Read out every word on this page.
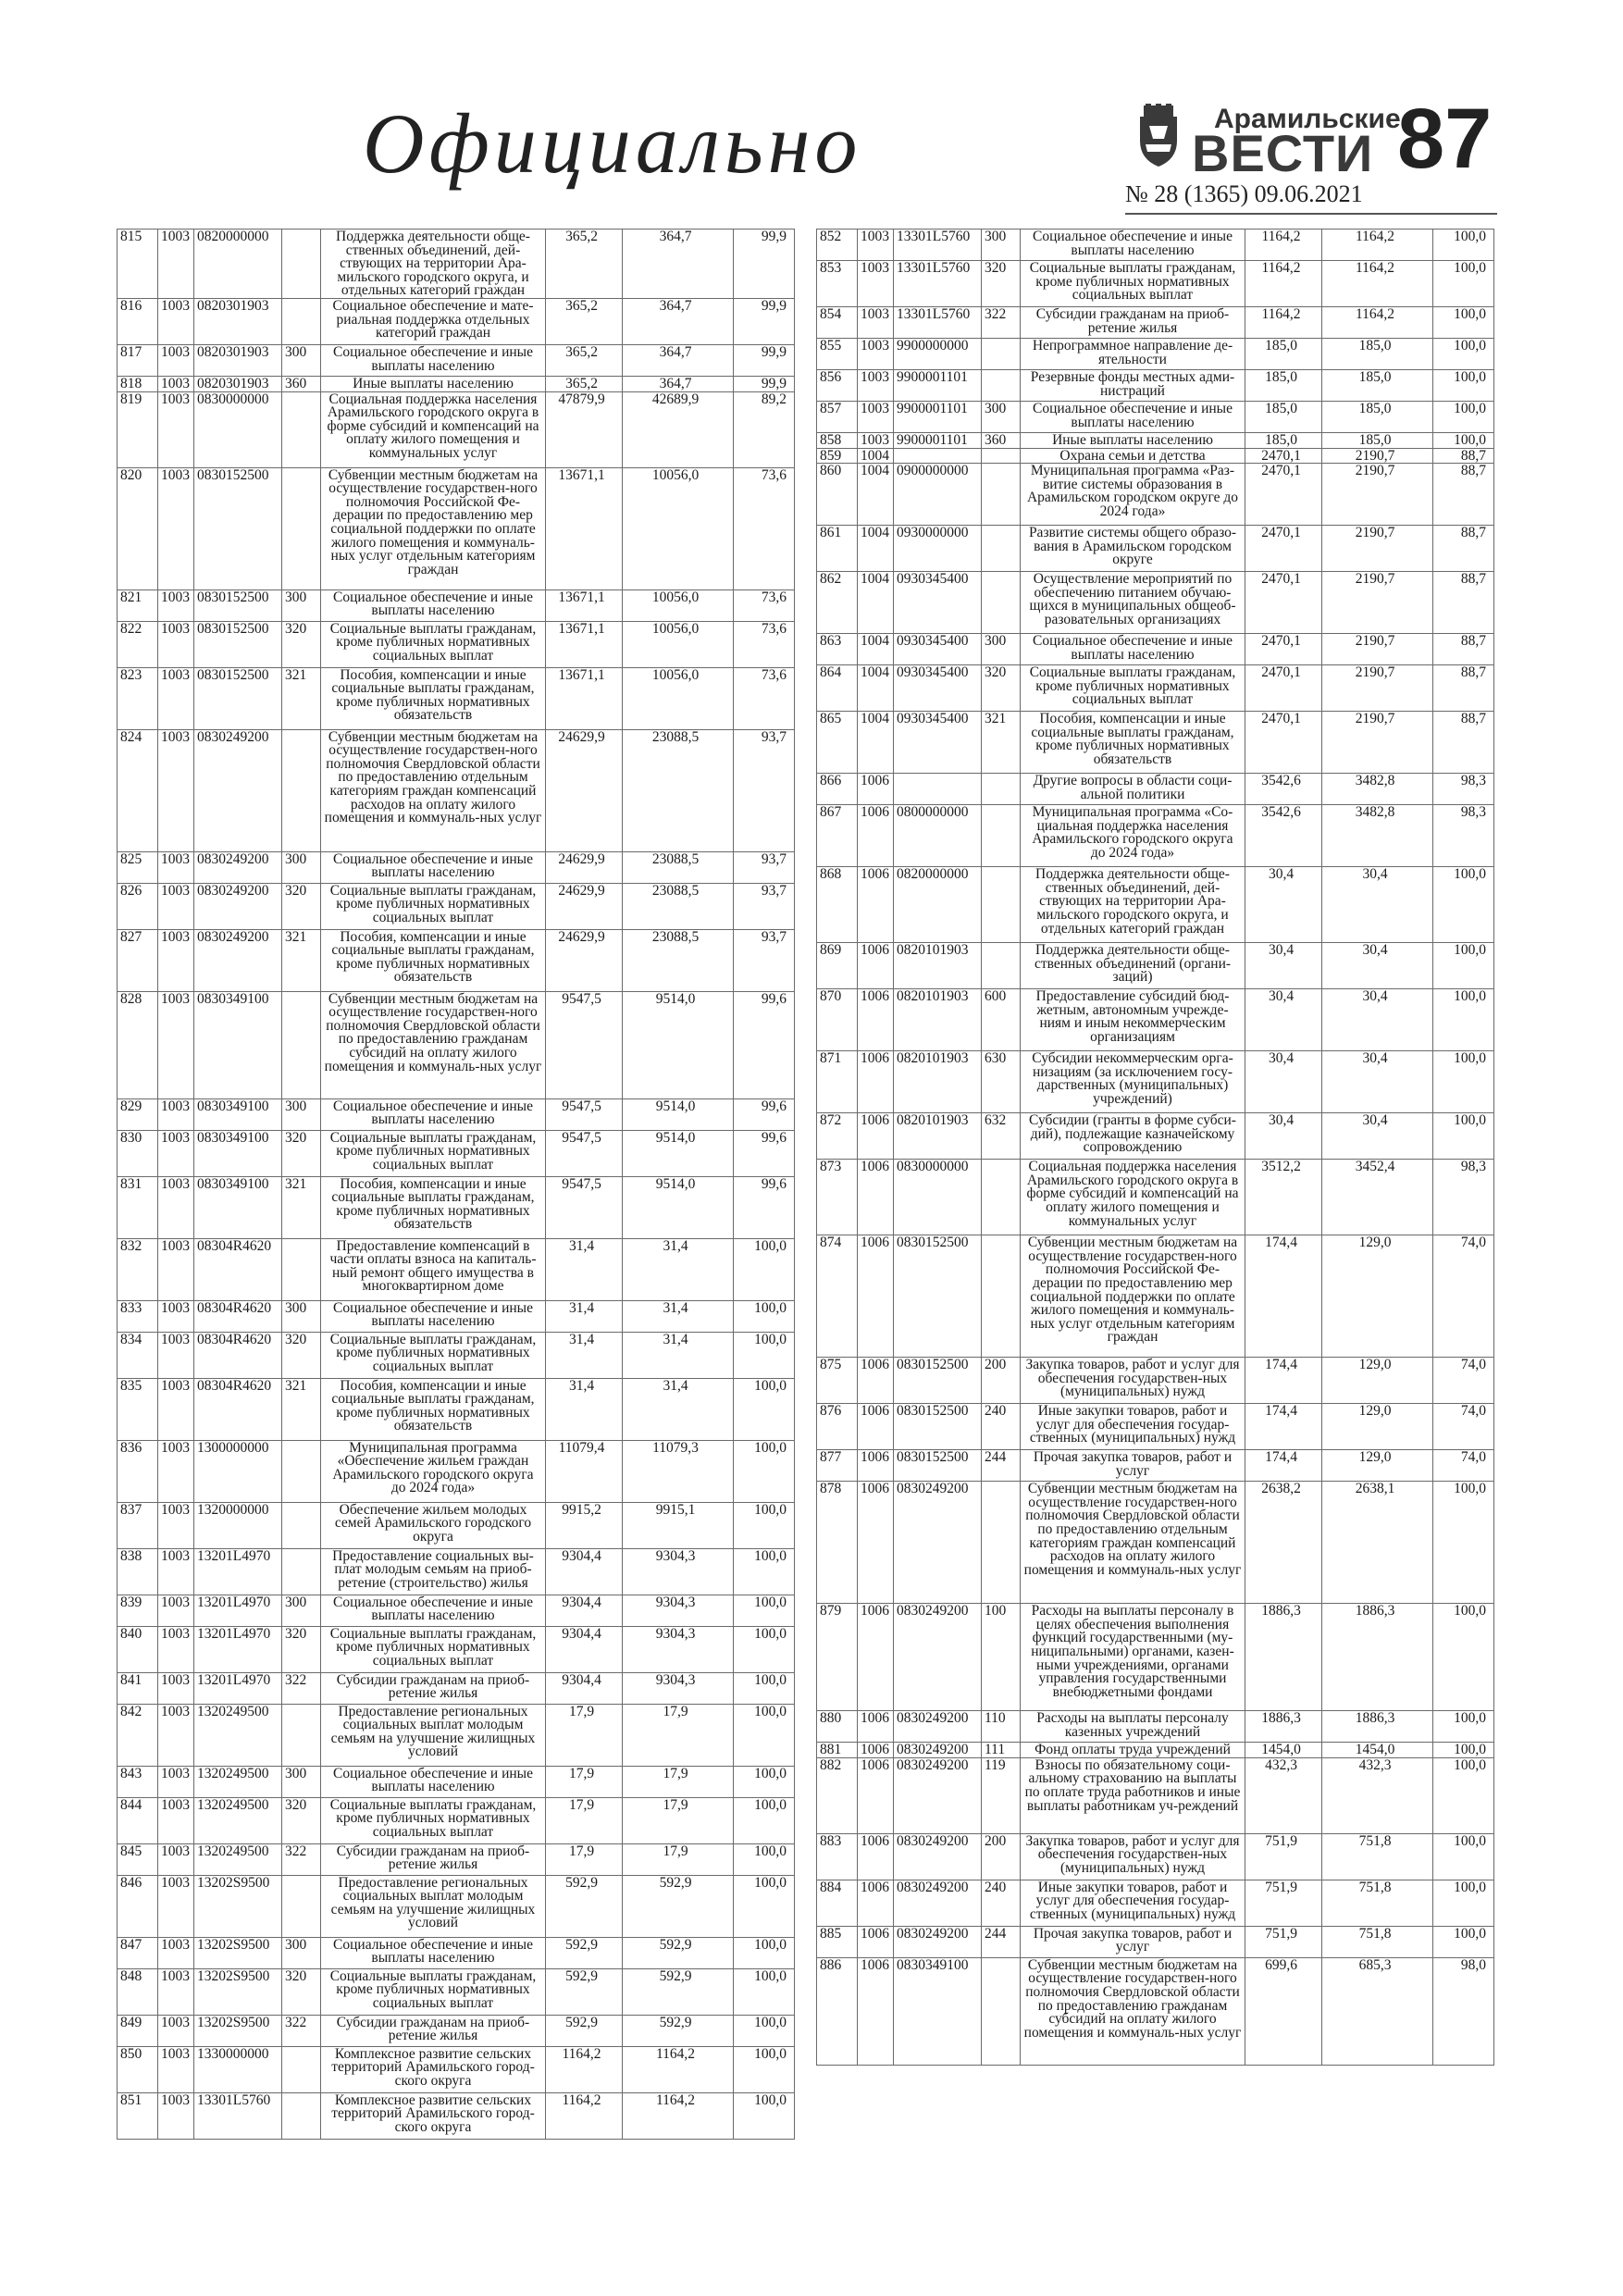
Официально	Арамильские
ВЕСТИ 87
№ 28 (1365) 09.06.2021
815	1003	0820000000		Поддержка деятельности обще-ственных объединений, дей-ствующих на территории Ара-мильского городского округа, и отдельных категорий граждан	365,2	364,7	99,9
816	1003	0820301903		Социальное обеспечение и мате-риальная поддержка отдельных категорий граждан	365,2	364,7	99,9
817	1003	0820301903	300	Социальное обеспечение и иные выплаты населению	365,2	364,7	99,9
818	1003	0820301903	360	Иные выплаты населению	365,2	364,7	99,9
819	1003	0830000000		Социальная поддержка населения Арамильского городского округа в форме субсидий и компенсаций на оплату жилого помещения и коммунальных услуг	47879,9	42689,9	89,2
820	1003	0830152500		Субвенции местным бюджетам на осуществление государствен-ного полномочия Российской Фе-дерации по предоставлению мер социальной поддержки по оплате жилого помещения и коммуналь-ных услуг отдельным категориям граждан	13671,1	10056,0	73,6
821	1003	0830152500	300	Социальное обеспечение и иные выплаты населению	13671,1	10056,0	73,6
822	1003	0830152500	320	Социальные выплаты гражданам, кроме публичных нормативных социальных выплат	13671,1	10056,0	73,6
823	1003	0830152500	321	Пособия, компенсации и иные социальные выплаты гражданам, кроме публичных нормативных обязательств	13671,1	10056,0	73,6
824	1003	0830249200		Субвенции местным бюджетам на осуществление государствен-ного полномочия Свердловской области по предоставлению отдельным категориям граждан компенсаций расходов на оплату жилого помещения и коммуналь-ных услуг	24629,9	23088,5	93,7
825	1003	0830249200	300	Социальное обеспечение и иные выплаты населению	24629,9	23088,5	93,7
826	1003	0830249200	320	Социальные выплаты гражданам, кроме публичных нормативных социальных выплат	24629,9	23088,5	93,7
827	1003	0830249200	321	Пособия, компенсации и иные социальные выплаты гражданам, кроме публичных нормативных обязательств	24629,9	23088,5	93,7
828	1003	0830349100		Субвенции местным бюджетам на осуществление государствен-ного полномочия Свердловской области по предоставлению гражданам субсидий на оплату жилого помещения и коммуналь-ных услуг	9547,5	9514,0	99,6
829	1003	0830349100	300	Социальное обеспечение и иные выплаты населению	9547,5	9514,0	99,6
830	1003	0830349100	320	Социальные выплаты гражданам, кроме публичных нормативных социальных выплат	9547,5	9514,0	99,6
831	1003	0830349100	321	Пособия, компенсации и иные социальные выплаты гражданам, кроме публичных нормативных обязательств	9547,5	9514,0	99,6
832	1003	08304R4620		Предоставление компенсаций в части оплаты взноса на капиталь-ный ремонт общего имущества в многоквартирном доме	31,4	31,4	100,0
833	1003	08304R4620	300	Социальное обеспечение и иные выплаты населению	31,4	31,4	100,0
834	1003	08304R4620	320	Социальные выплаты гражданам, кроме публичных нормативных социальных выплат	31,4	31,4	100,0
835	1003	08304R4620	321	Пособия, компенсации и иные социальные выплаты гражданам, кроме публичных нормативных обязательств	31,4	31,4	100,0
836	1003	1300000000		Муниципальная программа «Обеспечение жильем граждан Арамильского городского округа до 2024 года»	11079,4	11079,3	100,0
837	1003	1320000000		Обеспечение жильем молодых семей Арамильского городского округа	9915,2	9915,1	100,0
838	1003	13201L4970		Предоставление социальных вы-плат молодым семьям на приоб-ретение (строительство) жилья	9304,4	9304,3	100,0
839	1003	13201L4970	300	Социальное обеспечение и иные выплаты населению	9304,4	9304,3	100,0
840	1003	13201L4970	320	Социальные выплаты гражданам, кроме публичных нормативных социальных выплат	9304,4	9304,3	100,0
841	1003	13201L4970	322	Субсидии гражданам на приоб-ретение жилья	9304,4	9304,3	100,0
842	1003	1320249500		Предоставление региональных социальных выплат молодым семьям на улучшение жилищных условий	17,9	17,9	100,0
843	1003	1320249500	300	Социальное обеспечение и иные выплаты населению	17,9	17,9	100,0
844	1003	1320249500	320	Социальные выплаты гражданам, кроме публичных нормативных социальных выплат	17,9	17,9	100,0
845	1003	1320249500	322	Субсидии гражданам на приоб-ретение жилья	17,9	17,9	100,0
846	1003	13202S9500		Предоставление региональных социальных выплат молодым семьям на улучшение жилищных условий	592,9	592,9	100,0
847	1003	13202S9500	300	Социальное обеспечение и иные выплаты населению	592,9	592,9	100,0
848	1003	13202S9500	320	Социальные выплаты гражданам, кроме публичных нормативных социальных выплат	592,9	592,9	100,0
849	1003	13202S9500	322	Субсидии гражданам на приоб-ретение жилья	592,9	592,9	100,0
850	1003	1330000000		Комплексное развитие сельских территорий Арамильского город-ского округа	1164,2	1164,2	100,0
851	1003	13301L5760		Комплексное развитие сельских территорий Арамильского город-ского округа	1164,2	1164,2	100,0
852	1003	13301L5760	300	Социальное обеспечение и иные выплаты населению	1164,2	1164,2	100,0
853	1003	13301L5760	320	Социальные выплаты гражданам, кроме публичных нормативных социальных выплат	1164,2	1164,2	100,0
854	1003	13301L5760	322	Субсидии гражданам на приоб-ретение жилья	1164,2	1164,2	100,0
855	1003	9900000000		Непрограммное направление де-ятельности	185,0	185,0	100,0
856	1003	9900001101		Резервные фонды местных адми-нистраций	185,0	185,0	100,0
857	1003	9900001101	300	Социальное обеспечение и иные выплаты населению	185,0	185,0	100,0
858	1003	9900001101	360	Иные выплаты населению	185,0	185,0	100,0
859	1004			Охрана семьи и детства	2470,1	2190,7	88,7
860	1004	0900000000		Муниципальная программа «Раз-витие системы образования в Арамильском городском округе до 2024 года»	2470,1	2190,7	88,7
861	1004	0930000000		Развитие системы общего образо-вания в Арамильском городском округе	2470,1	2190,7	88,7
862	1004	0930345400		Осуществление мероприятий по обеспечению питанием обучаю-щихся в муниципальных общеоб-разовательных организациях	2470,1	2190,7	88,7
863	1004	0930345400	300	Социальное обеспечение и иные выплаты населению	2470,1	2190,7	88,7
864	1004	0930345400	320	Социальные выплаты гражданам, кроме публичных нормативных социальных выплат	2470,1	2190,7	88,7
865	1004	0930345400	321	Пособия, компенсации и иные социальные выплаты гражданам, кроме публичных нормативных обязательств	2470,1	2190,7	88,7
866	1006			Другие вопросы в области соци-альной политики	3542,6	3482,8	98,3
867	1006	0800000000		Муниципальная программа «Со-циальная поддержка населения Арамильского городского округа до 2024 года»	3542,6	3482,8	98,3
868	1006	0820000000		Поддержка деятельности обще-ственных объединений, дей-ствующих на территории Ара-мильского городского округа, и отдельных категорий граждан	30,4	30,4	100,0
869	1006	0820101903		Поддержка деятельности обще-ственных объединений (органи-заций)	30,4	30,4	100,0
870	1006	0820101903	600	Предоставление субсидий бюд-жетным, автономным учрежде-ниям и иным некоммерческим организациям	30,4	30,4	100,0
871	1006	0820101903	630	Субсидии некоммерческим орга-низациям (за исключением госу-дарственных (муниципальных) учреждений)	30,4	30,4	100,0
872	1006	0820101903	632	Субсидии (гранты в форме субси-дий), подлежащие казначейскому сопровождению	30,4	30,4	100,0
873	1006	0830000000		Социальная поддержка населения Арамильского городского округа в форме субсидий и компенсаций на оплату жилого помещения и коммунальных услуг	3512,2	3452,4	98,3
874	1006	0830152500		Субвенции местным бюджетам на осуществление государствен-ного полномочия Российской Фе-дерации по предоставлению мер социальной поддержки по оплате жилого помещения и коммуналь-ных услуг отдельным категориям граждан	174,4	129,0	74,0
875	1006	0830152500	200	Закупка товаров, работ и услуг для обеспечения государствен-ных (муниципальных) нужд	174,4	129,0	74,0
876	1006	0830152500	240	Иные закупки товаров, работ и услуг для обеспечения государ-ственных (муниципальных) нужд	174,4	129,0	74,0
877	1006	0830152500	244	Прочая закупка товаров, работ и услуг	174,4	129,0	74,0
878	1006	0830249200		Субвенции местным бюджетам на осуществление государствен-ного полномочия Свердловской области по предоставлению отдельным категориям граждан компенсаций расходов на оплату жилого помещения и коммуналь-ных услуг	2638,2	2638,1	100,0
879	1006	0830249200	100	Расходы на выплаты персоналу в целях обеспечения выполнения функций государственными (му-ниципальными) органами, казен-ными учреждениями, органами управления государственными внебюджетными фондами	1886,3	1886,3	100,0
880	1006	0830249200	110	Расходы на выплаты персоналу казенных учреждений	1886,3	1886,3	100,0
881	1006	0830249200	111	Фонд оплаты труда учреждений	1454,0	1454,0	100,0
882	1006	0830249200	119	Взносы по обязательному соци-альному страхованию на выплаты по оплате труда работников и иные выплаты работникам уч-реждений	432,3	432,3	100,0
883	1006	0830249200	200	Закупка товаров, работ и услуг для обеспечения государствен-ных (муниципальных) нужд	751,9	751,8	100,0
884	1006	0830249200	240	Иные закупки товаров, работ и услуг для обеспечения государ-ственных (муниципальных) нужд	751,9	751,8	100,0
885	1006	0830249200	244	Прочая закупка товаров, работ и услуг	751,9	751,8	100,0
886	1006	0830349100		Субвенции местным бюджетам на осуществление государствен-ного полномочия Свердловской области по предоставлению гражданам субсидий на оплату жилого помещения и коммуналь-ных услуг	699,6	685,3	98,0
